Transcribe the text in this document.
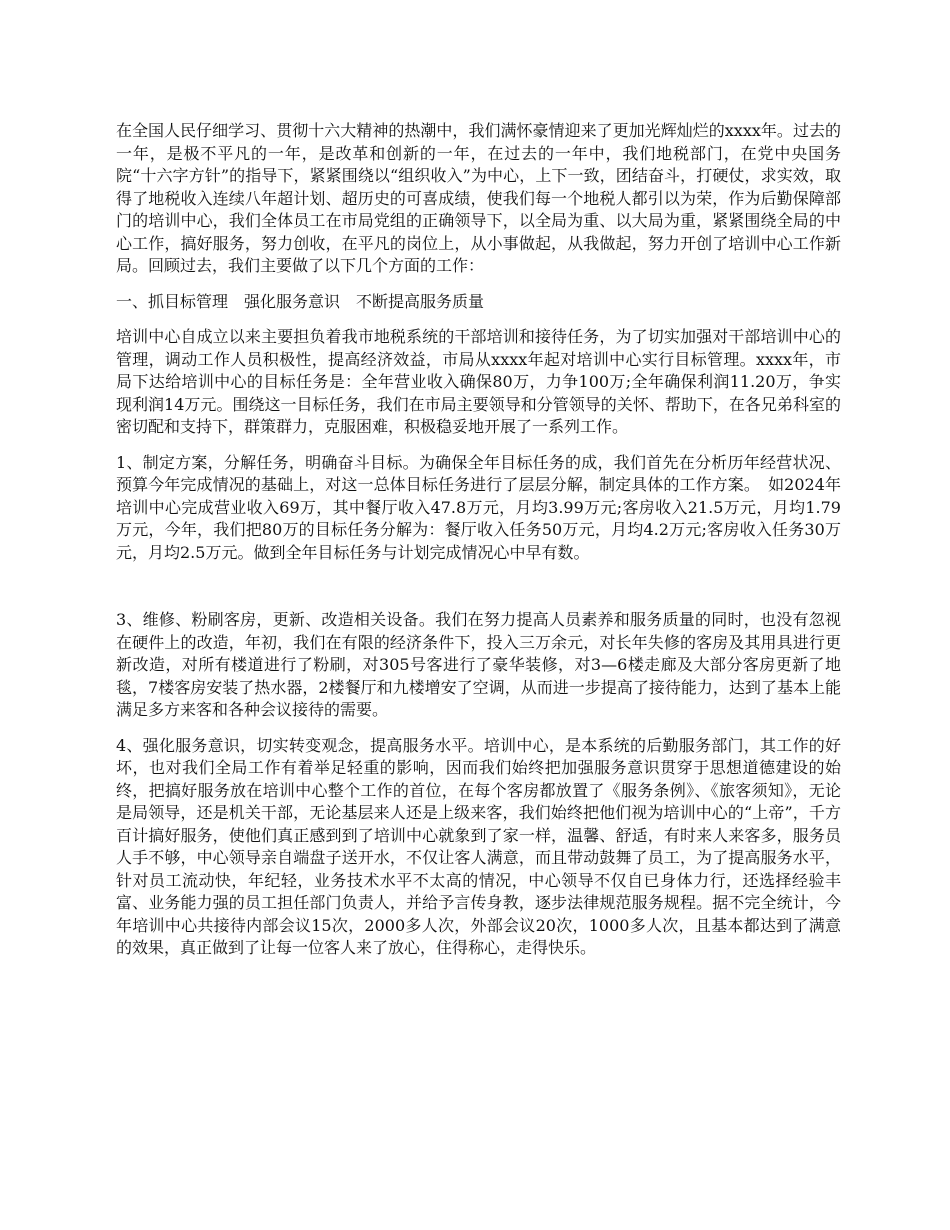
在全国人民仔细学习、贯彻十六大精神的热潮中，我们满怀豪情迎来了更加光辉灿烂的xxxx年。过去的一年，是极不平凡的一年，是改革和创新的一年，在过去的一年中，我们地税部门，在党中央国务院“十六字方针”的指导下，紧紧围绕以“组织收入”为中心，上下一致，团结奋斗，打硬仗，求实效，取得了地税收入连续八年超计划、超历史的可喜成绩，使我们每一个地税人都引以为荣，作为后勤保障部门的培训中心，我们全体员工在市局党组的正确领导下，以全局为重、以大局为重，紧紧围绕全局的中心工作，搞好服务，努力创收，在平凡的岗位上，从小事做起，从我做起，努力开创了培训中心工作新局。回顾过去，我们主要做了以下几个方面的工作：

一、抓目标管理　强化服务意识　不断提高服务质量

培训中心自成立以来主要担负着我市地税系统的干部培训和接待任务，为了切实加强对干部培训中心的管理，调动工作人员积极性，提高经济效益，市局从xxxx年起对培训中心实行目标管理。xxxx年，市局下达给培训中心的目标任务是：全年营业收入确保80万，力争100万;全年确保利润11.20万，争实现利润14万元。围绕这一目标任务，我们在市局主要领导和分管领导的关怀、帮助下，在各兄弟科室的密切配和支持下，群策群力，克服困难，积极稳妥地开展了一系列工作。

1、制定方案，分解任务，明确奋斗目标。为确保全年目标任务的成，我们首先在分析历年经营状况、预算今年完成情况的基础上，对这一总体目标任务进行了层层分解，制定具体的工作方案。　如2024年培训中心完成营业收入69万，其中餐厅收入47.8万元，月均3.99万元;客房收入21.5万元，月均1.79万元，今年，我们把80万的目标任务分解为：餐厅收入任务50万元，月均4.2万元;客房收入任务30万元，月均2.5万元。做到全年目标任务与计划完成情况心中早有数。

3、维修、粉刷客房，更新、改造相关设备。我们在努力提高人员素养和服务质量的同时，也没有忽视在硬件上的改造，年初，我们在有限的经济条件下，投入三万余元，对长年失修的客房及其用具进行更新改造，对所有楼道进行了粉刷，对305号客进行了豪华装修，对3—6楼走廊及大部分客房更新了地毯，7楼客房安装了热水器，2楼餐厅和九楼增安了空调，从而进一步提高了接待能力，达到了基本上能满足多方来客和各种会议接待的需要。

4、强化服务意识，切实转变观念，提高服务水平。培训中心，是本系统的后勤服务部门，其工作的好坏，也对我们全局工作有着举足轻重的影响，因而我们始终把加强服务意识贯穿于思想道德建设的始终，把搞好服务放在培训中心整个工作的首位，在每个客房都放置了《服务条例》、《旅客须知》，无论是局领导，还是机关干部，无论基层来人还是上级来客，我们始终把他们视为培训中心的“上帝”，千方百计搞好服务，使他们真正感到到了培训中心就象到了家一样，温馨、舒适，有时来人来客多，服务员人手不够，中心领导亲自端盘子送开水，不仅让客人满意，而且带动鼓舞了员工，为了提高服务水平，针对员工流动快，年纪轻，业务技术水平不太高的情况，中心领导不仅自已身体力行，还选择经验丰富、业务能力强的员工担任部门负责人，并给予言传身教，逐步法律规范服务规程。据不完全统计，今年培训中心共接待内部会议15次，2000多人次，外部会议20次，1000多人次，且基本都达到了满意的效果，真正做到了让每一位客人来了放心，住得称心，走得快乐。
